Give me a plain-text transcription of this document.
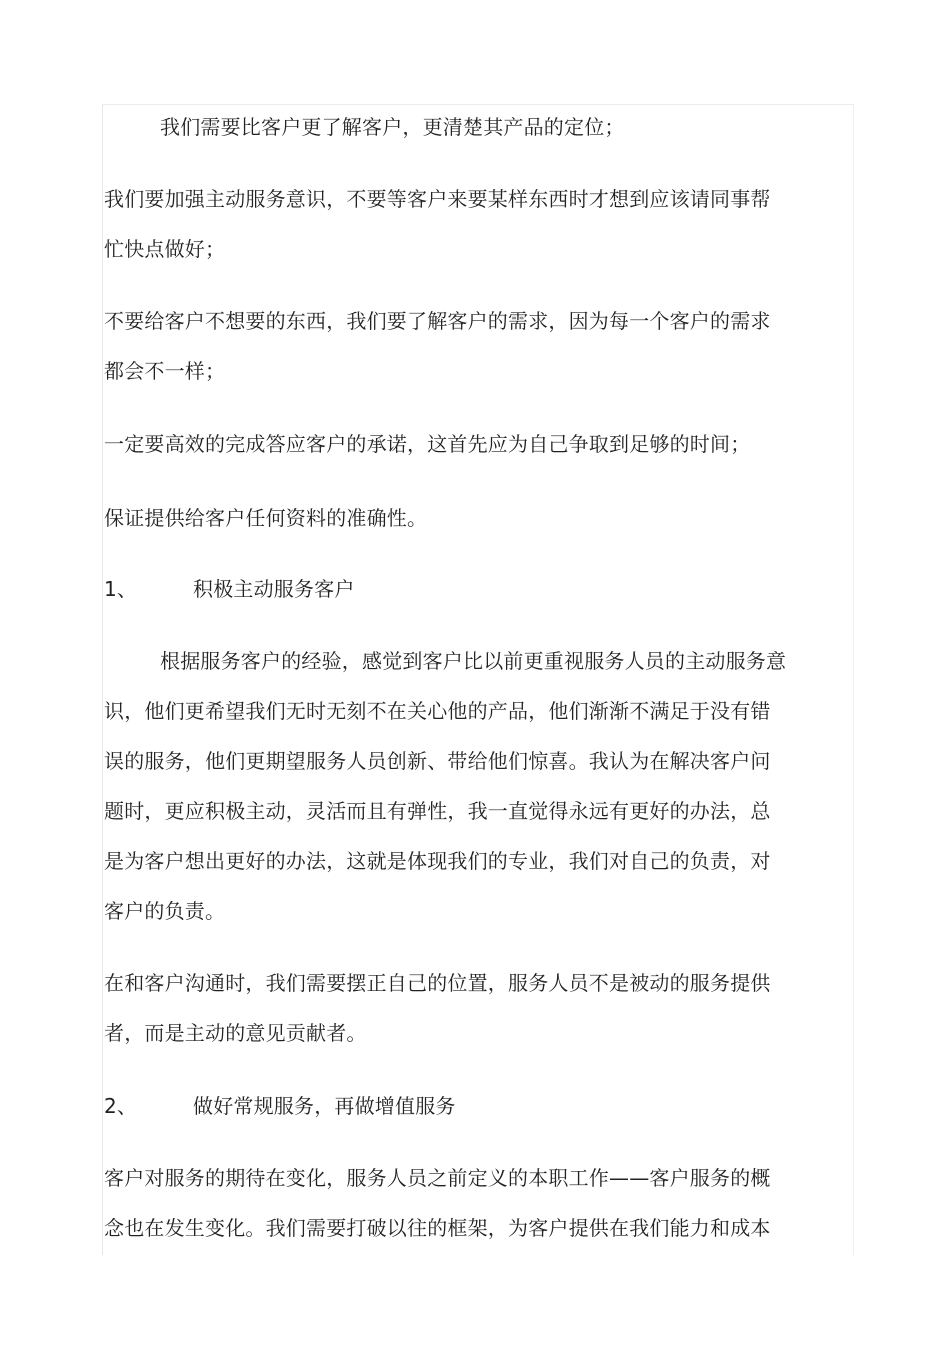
我们需要比客户更了解客户，更清楚其产品的定位；
我们要加强主动服务意识，不要等客户来要某样东西时才想到应该请同事帮
忙快点做好；
不要给客户不想要的东西，我们要了解客户的需求，因为每一个客户的需求
都会不一样；
一定要高效的完成答应客户的承诺，这首先应为自己争取到足够的时间；
保证提供给客户任何资料的准确性。
1、	积极主动服务客户
根据服务客户的经验，感觉到客户比以前更重视服务人员的主动服务意
识，他们更希望我们无时无刻不在关心他的产品，他们渐渐不满足于没有错
误的服务，他们更期望服务人员创新、带给他们惊喜。我认为在解决客户问
题时，更应积极主动，灵活而且有弹性，我一直觉得永远有更好的办法，总
是为客户想出更好的办法，这就是体现我们的专业，我们对自己的负责，对
客户的负责。
在和客户沟通时，我们需要摆正自己的位置，服务人员不是被动的服务提供
者，而是主动的意见贡献者。
2、	做好常规服务，再做增值服务
客户对服务的期待在变化，服务人员之前定义的本职工作——客户服务的概
念也在发生变化。我们需要打破以往的框架，为客户提供在我们能力和成本
